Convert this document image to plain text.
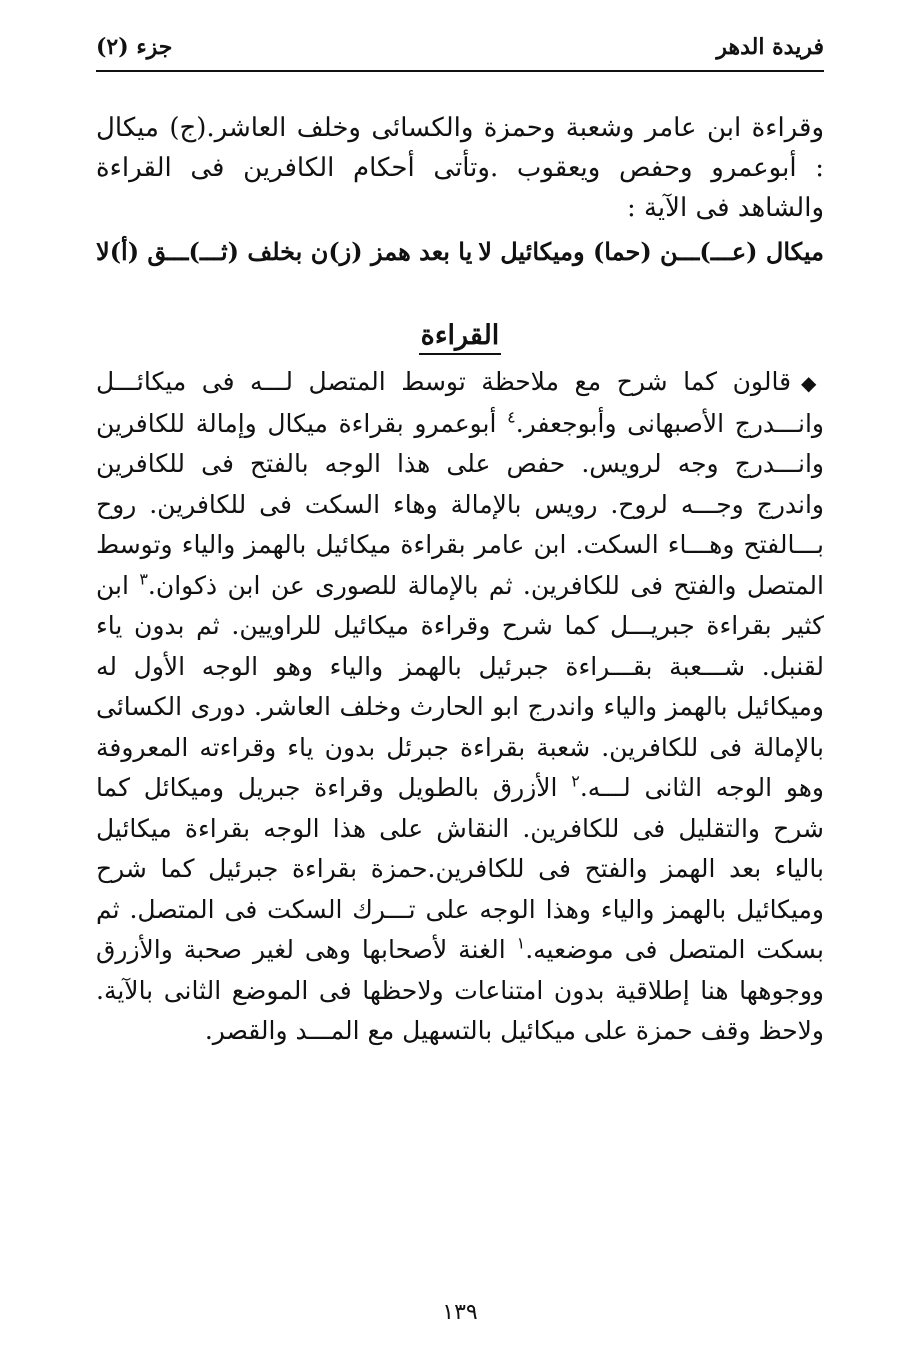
فريدة الدهر
جزء (٢)

وقراءة ابن عامر وشعبة وحمزة والكسائى وخلف العاشر.(ج) ميكال : أبوعمرو وحفص ويعقوب .وتأتى أحكام الكافرين فى القراءة والشاهد فى الآية :

ميكال (عـــ)ـــن (حما) وميكائيل لا
يا بعد همز (ز)ن بخلف (ثـــ)ـــق (أ)لا
القراءة

◆قالون كما شرح مع ملاحظة توسط المتصل لـــه فى ميكائـــل وانـــدرج الأصبهانى وأبوجعفر.$^٤$ أبوعمرو بقراءة ميكال وإمالة للكافرين وانـــدرج وجه لرويس. حفص على هذا الوجه بالفتح فى للكافرين واندرج وجـــه لروح. رويس بالإمالة وهاء السكت فى للكافرين. روح بـــالفتح وهـــاء السكت. ابن عامر بقراءة ميكائيل بالهمز والياء وتوسط المتصل والفتح فى للكافرين. ثم بالإمالة للصورى عن ابن ذكوان.$^٣$ ابن كثير بقراءة جبريـــل كما شرح وقراءة ميكائيل للراويين. ثم بدون ياء لقنبل. شـــعبة بقـــراءة جبرئيل بالهمز والياء وهو الوجه الأول له وميكائيل بالهمز والياء واندرج ابو الحارث وخلف العاشر. دورى الكسائى بالإمالة فى للكافرين. شعبة بقراءة جبرئل بدون ياء وقراءته المعروفة وهو الوجه الثانى لـــه.$^٢$ الأزرق بالطويل وقراءة جبريل وميكائل كما شرح والتقليل فى للكافرين. النقاش على هذا الوجه بقراءة ميكائيل بالياء بعد الهمز والفتح فى للكافرين.حمزة بقراءة جبرئيل كما شرح وميكائيل بالهمز والياء وهذا الوجه على تـــرك السكت فى المتصل. ثم بسكت المتصل فى موضعيه.$^١$ الغنة لأصحابها وهى لغير صحبة والأزرق ووجوهها هنا إطلاقية بدون امتناعات ولاحظها فى الموضع الثانى بالآية. ولاحظ وقف حمزة على ميكائيل بالتسهيل مع المـــد والقصر.

١٣٩
